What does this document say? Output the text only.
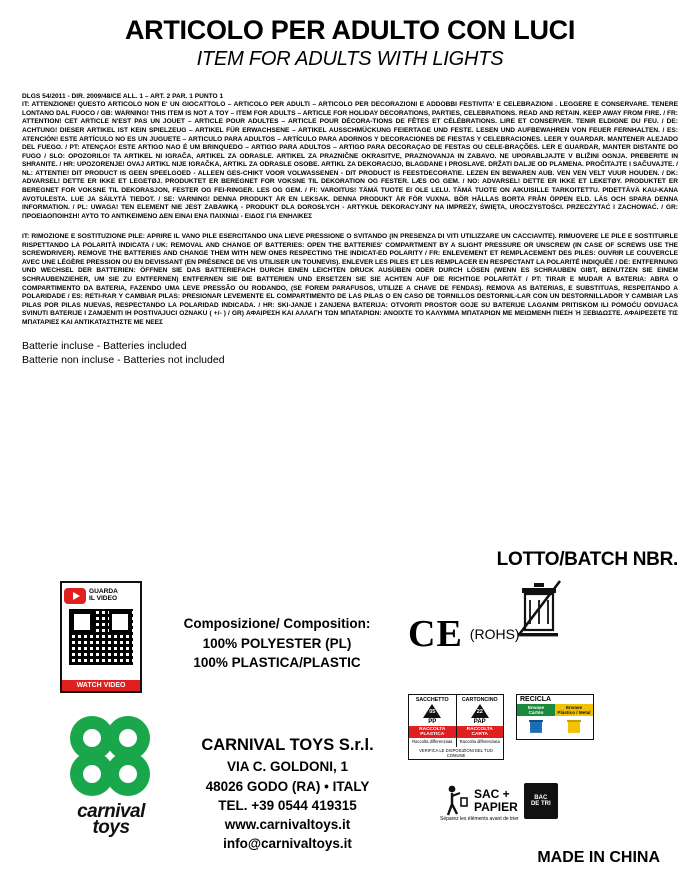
ARTICOLO PER ADULTO CON LUCI
ITEM FOR ADULTS WITH LIGHTS
DLGS 54/2011 - DIR. 2009/48/CE ALL. 1 – ART. 2 PAR. 1 PUNTO 1
IT: ATTENZIONE! QUESTO ARTICOLO NON E' UN GIOCATTOLO – ARTICOLO PER ADULTI – ARTICOLO PER DECORAZIONI E ADDOBBI FESTIVITA' E CELEBRAZIONI . LEGGERE E CONSERVARE. TENERE LONTANO DAL FUOCO / GB: WARNING! THIS ITEM IS NOT A TOY – ITEM FOR ADULTS – ARTICLE FOR HOLIDAY DECORATIONS, PARTIES, CELEBRATIONS. READ AND RETAIN. KEEP AWAY FROM FIRE. / FR: ATTENTION! CET ARTICLE N'EST PAS UN JOUET – ARTICLE POUR ADULTES – ARTICLE POUR DÉCORA-TIONS DE FÊTES ET CÉLÉBRATIONS. LIRE ET CONSERVER. TENIR ELDIGNE DU FEU. / DE: ACHTUNG! DIESER ARTIKEL IST KEIN SPIELZEUG – ARTIKEL FÜR ERWACHSENE – ARTIKEL AUSSCHMÜCKUNG FEIERTAGE UND FESTE. LESEN UND AUFBEWAHREN VON FEUER FERNHALTEN. / ES: ATENCIÓN! ESTE ARTÍCULO NO ES UN JUGUETE – ARTICULO PARA ADULTOS – ARTÍCULO PARA ADORNOS Y DECORACIONES DE FIESTAS Y CELEBRACIONES. LEER Y GUARDAR. MANTENER ALEJADO DEL FUEGO. / PT: ATENÇAO! ESTE ARTIGO NAO É UM BRINQUEDO – ARTIGO PARA ADULTOS – ARTIGO PARA DECORAÇAO DE FESTAS OU CELE-BRAÇÕES. LER E GUARDAR, MANTER DISTANTE DO FUGO / SLO: OPOZORILO! TA ARTIKEL NI IGRAČA, ARTIKEL ZA ODRASLE. ARTIKEL ZA PRAZNIČNE OKRASITVE, PRAZNOVANJA IN ZABAVO. NE UPORABLJAJTE V BLIŽINI OGNJA. PREBERITE IN SHRANITE. / HR: UPOZORENJE! OVAJ ARTIKL NIJE IGRAČKA, ARTIKL ZA ODRASLE OSOBE. ARTIKL ZA DEKORACIJO, BLAGDANE I PROSLAVE. DRŽATI DALJE OD PLAMENA. PROČITAJTE I SAČUVAJTE. / NL: ATTENTIE! DIT PRODUCT IS GEEN SPEELGOED - ALLEEN GES-CHIKT VOOR VOLWASSENEN - DIT PRODUCT IS FEESTDECORATIE. LEZEN EN BEWAREN AUB. VEN VEN VELT VUUR HOUDEN. / DK: ADVARSEL! DETTE ER IKKE ET LEGETØJ. PRODUKTET ER BEREGNET FOR VOKSNE TIL DEKORATION OG FESTER. LÆS OG GEM. / NO: ADVARSEL! DETTE ER IKKE ET LEKETØY. PRODUKTET ER BEREGNET FOR VOKSNE TIL DEKORASJON, FESTER OG FEI-RINGER. LES OG GEM. / FI: VAROITUS! TÄMÄ TUOTE EI OLE LELU. TÄMÄ TUOTE ON AIKUISILLE TARKOITETTU. PIDETTÄVÄ KAU-KANA AVOTULESTA. LUE JA SÄILYTÄ TIEDOT. / SE: VARNING! DENNA PRODUKT ÄR EN LEKSAK. DENNA PRODUKT ÄR FÖR VUXNA. BÖR HÅLLAS BORTA FRÅN ÖPPEN ELD. LÄS OCH SPARA DENNA INFORMATION. / PL: UWAGA! TEN ELEMENT NIE JEST ZABAWKĄ - PRODUKT DLA DOROSŁYCH - ARTYKUŁ DEKORACYJNY NA IMPREZY, ŚWIĘTA, UROCZYSTOŚCI. PRZECZYTAĆ I ZACHOWAĆ. / GR: ΠΡΟΕΙΔΟΠΟΙΗΣΗ! ΑΥΤΟ ΤΟ ΑΝΤΙΚΕΙΜΕΝΟ ΔΕΝ ΕΙΝΑΙ ΕΝΑ ΠΑΙΧΝΙΔΙ - ΕΙΔΟΣ ΓΙΑ ΕΝΗΛΙΚΕΣ
IT: RIMOZIONE E SOSTITUZIONE PILE: APRIRE IL VANO PILE ESERCITANDO UNA LIEVE PRESSIONE O SVITANDO (IN PRESENZA DI VITI UTILIZZARE UN CACCIAVITE). RIMUOVERE LE PILE E SOSTITUIRLE RISPETTANDO LA POLARITÀ INDICATA / UK: REMOVAL AND CHANGE OF BATTERIES: OPEN THE BATTERIES' COMPARTMENT BY A SLIGHT PRESSURE OR UNSCREW (IN CASE OF SCREWS USE THE SCREWDRIVER). REMOVE THE BATTERIES AND CHANGE THEM WITH NEW ONES RESPECTING THE INDICAT-ED POLARITY / FR: ENLEVEMENT ET REMPLACEMENT DES PILES: OUVRIR LE COUVERCLE AVEC UNE LÉGÈRE PRESSION OU EN DEVISSANT (EN PRÉSENCE DE VIS UTILISER UN TOUNEVIS). ENLEVER LES PILES ET LES REMPLACER EN RESPECTANT LA POLARITÉ INDIQUÉE / DE: ENTFERNUNG UND WECHSEL DER BATTERIEN: ÖFFNEN SIE DAS BATTERIEFACH DURCH EINEN LEICHTEN DRUCK AUSÜBEN ODER DURCH LÖSEN (WENN ES SCHRAUBEN GIBT, BENUTZEN SIE EINEM SCHRAUBENZIEHER, UM SIE ZU ENTFERNEN) ENTFERNEN SIE DIE BATTERIEN UND ERSETZEN SIE SIE ACHTEN AUF DIE RICHTIGE POLARITÄT / PT: TIRAR E MUDAR A BATERIA: ABRA O COMPARTIMENTO DA BATERIA, FAZENDO UMA LEVE PRESSÃO OU RODANDO, (SE FOREM PARAFUSOS, UTILIZE A CHAVE DE FENDAS). REMOVA AS BATERIAS, E SUBSTITUAS, RESPEITANDO A POLARIDADE / ES: RETI-RAR Y CAMBIAR PILAS: PRESIONAR LEVEMENTE EL COMPARTIMENTO DE LAS PILAS O EN CASO DE TORNILLOS DESTORNIL-LAR CON UN DESTORNILLADOR Y CAMBIAR LAS PILAS POR PILAS NUEVAS, RESPECTANDO LA POLARIDAD INDICADA. / HR: SKI-JANJE I ZANJENA BATERIJA: OTVORITI PROSTOR GOJE SU BATERIJE LAGANIM PRITISKOM ILI POMOĆU ODVIJACA SVINUTI BATERIJE I ZAMJENITI IH POSTIVAJUCI OZNAKU ( +/- ) / GR) ΑΦΑΙΡΕΣΗ ΚΑΙ ΑΛΛΑΓΗ ΤΩΝ ΜΠΑΤΑΡΙΩΝ: ΑΝΟΙΧΤΕ ΤΟ ΚΑΛΥΜΜΑ ΜΠΑΤΑΡΙΩΝ ΜΕ ΜΕΙΩΜΕΝΗ ΠΙΕΣΗ Ή ΞΕΒΙΔΩΣΤΕ. ΑΦΑΙΡΕΣΕΤΕ ΤΙΣ ΜΠΑΤΑΡΙΕΣ ΚΑΙ ΑΝΤΙΚΑΤΑΣΤΗΣΤΕ ΜΕ ΝΕΕΣ
Batterie incluse - Batteries included
Batterie non incluse - Batteries not included
LOTTO/BATCH NBR.
GUARDA
IL VIDEO
WATCH VIDEO
Composizione/ Composition:
100% POLYESTER (PL)
100% PLASTICA/PLASTIC
CE (ROHS)
SACCHETTO
05
PP
RACCOLTA PLASTICA
Raccolta differenziata
CARTONCINO
22
PAP
RACCOLTA CARTA
Raccolta differenziata
VERIFICA LE DISPOSIZIONI DEL TUO COMUNE
RECICLA
Envase
Cartón
Envase
Plástico / Metal
SAC +
PAPIER
BAC
DE TRI
Séparez les éléments avant de trier
carnival toys
CARNIVAL TOYS S.r.l.
VIA C. GOLDONI, 1
48026 GODO (RA) • ITALY
TEL. +39 0544 419315
www.carnivaltoys.it
info@carnivaltoys.it
MADE IN CHINA
